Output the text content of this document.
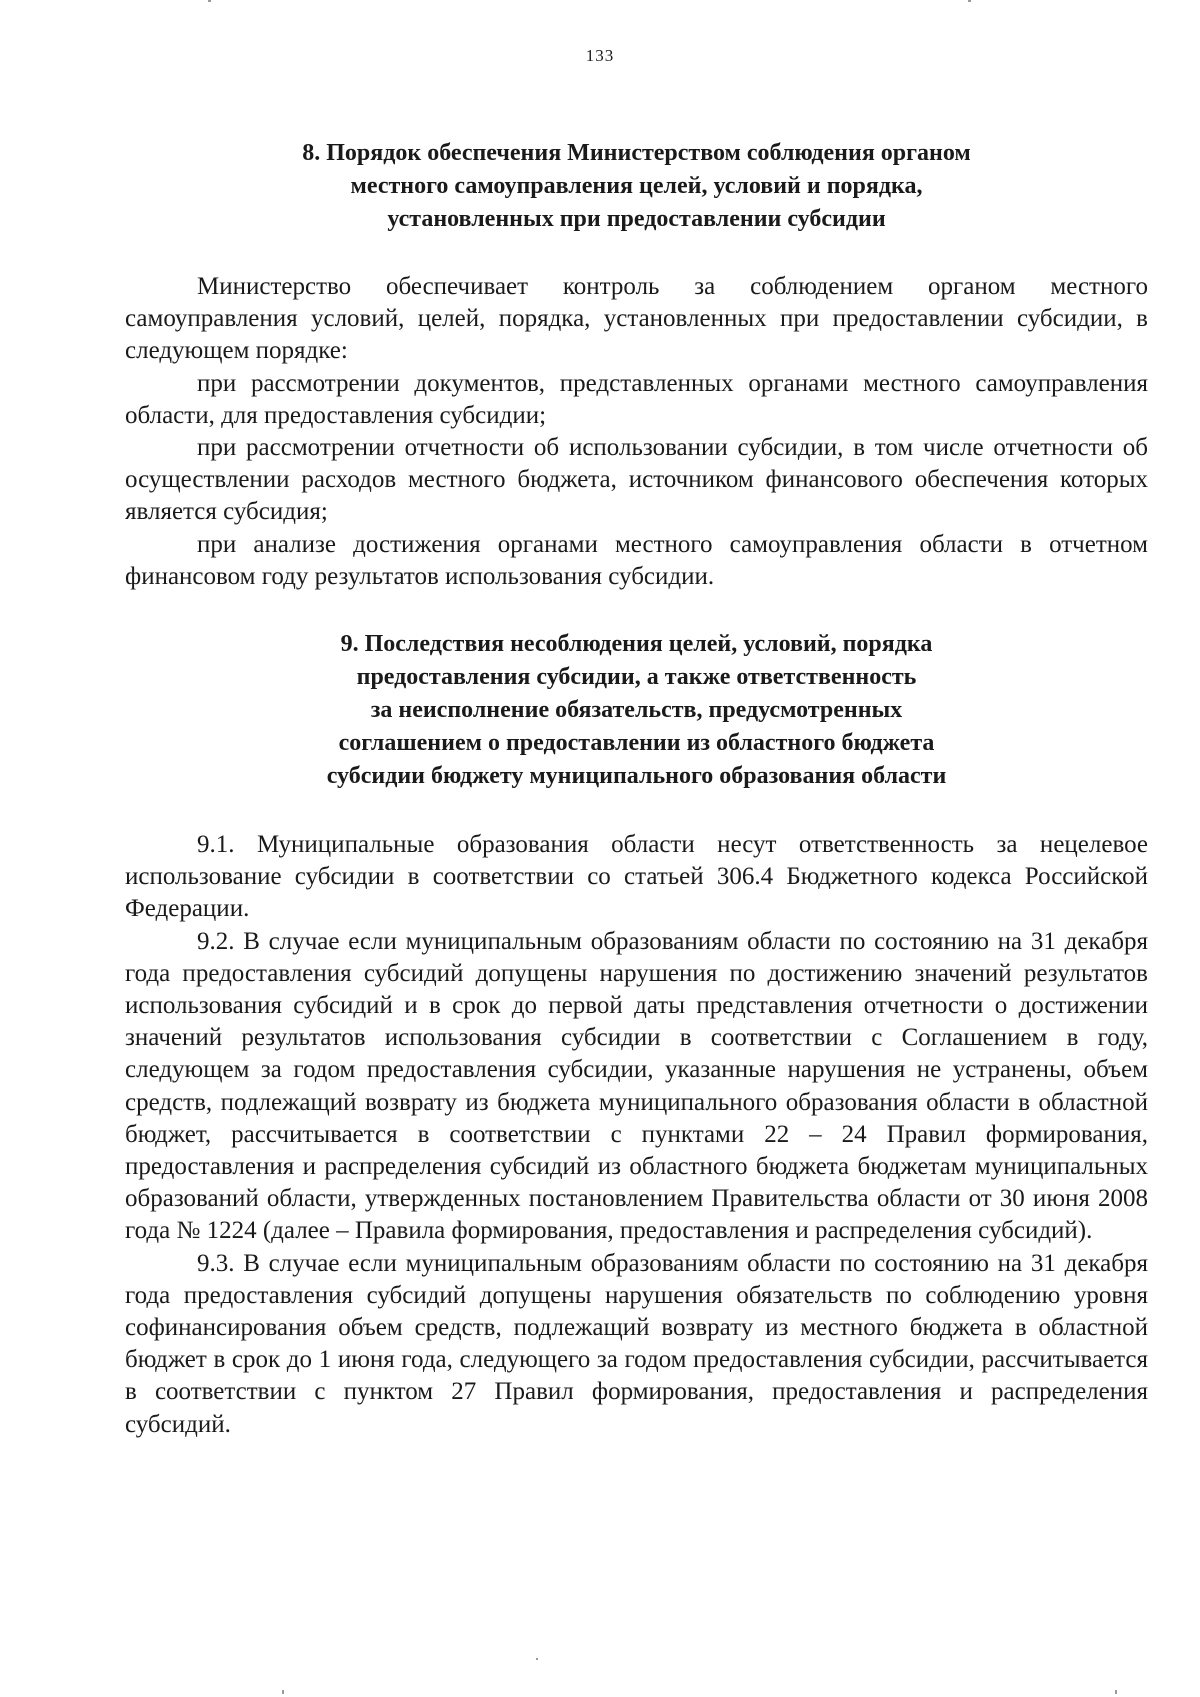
133
8. Порядок обеспечения Министерством соблюдения органом
местного самоуправления целей, условий и порядка,
установленных при предоставлении субсидии

Министерство обеспечивает контроль за соблюдением органом местного самоуправления условий, целей, порядка, установленных при предоставлении субсидии, в следующем порядке:

при рассмотрении документов, представленных органами местного самоуправления области, для предоставления субсидии;

при рассмотрении отчетности об использовании субсидии, в том числе отчетности об осуществлении расходов местного бюджета, источником финансового обеспечения которых является субсидия;

при анализе достижения органами местного самоуправления области в отчетном финансовом году результатов использования субсидии.

9. Последствия несоблюдения целей, условий, порядка
предоставления субсидии, а также ответственность
за неисполнение обязательств, предусмотренных
соглашением о предоставлении из областного бюджета
субсидии бюджету муниципального образования области

9.1. Муниципальные образования области несут ответственность за нецелевое использование субсидии в соответствии со статьей 306.4 Бюджетного кодекса Российской Федерации.

9.2. В случае если муниципальным образованиям области по состоянию на 31 декабря года предоставления субсидий допущены нарушения по достижению значений результатов использования субсидий и в срок до первой даты представления отчетности о достижении значений результатов использования субсидии в соответствии с Соглашением в году, следующем за годом предоставления субсидии, указанные нарушения не устранены, объем средств, подлежащий возврату из бюджета муниципального образования области в областной бюджет, рассчитывается в соответствии с пунктами 22 – 24 Правил формирования, предоставления и распределения субсидий из областного бюджета бюджетам муниципальных образований области, утвержденных постановлением Правительства области от 30 июня 2008 года № 1224 (далее – Правила формирования, предоставления и распределения субсидий).

9.3. В случае если муниципальным образованиям области по состоянию на 31 декабря года предоставления субсидий допущены нарушения обязательств по соблюдению уровня софинансирования объем средств, подлежащий возврату из местного бюджета в областной бюджет в срок до 1 июня года, следующего за годом предоставления субсидии, рассчитывается в соответствии с пунктом 27 Правил формирования, предоставления и распределения субсидий.
